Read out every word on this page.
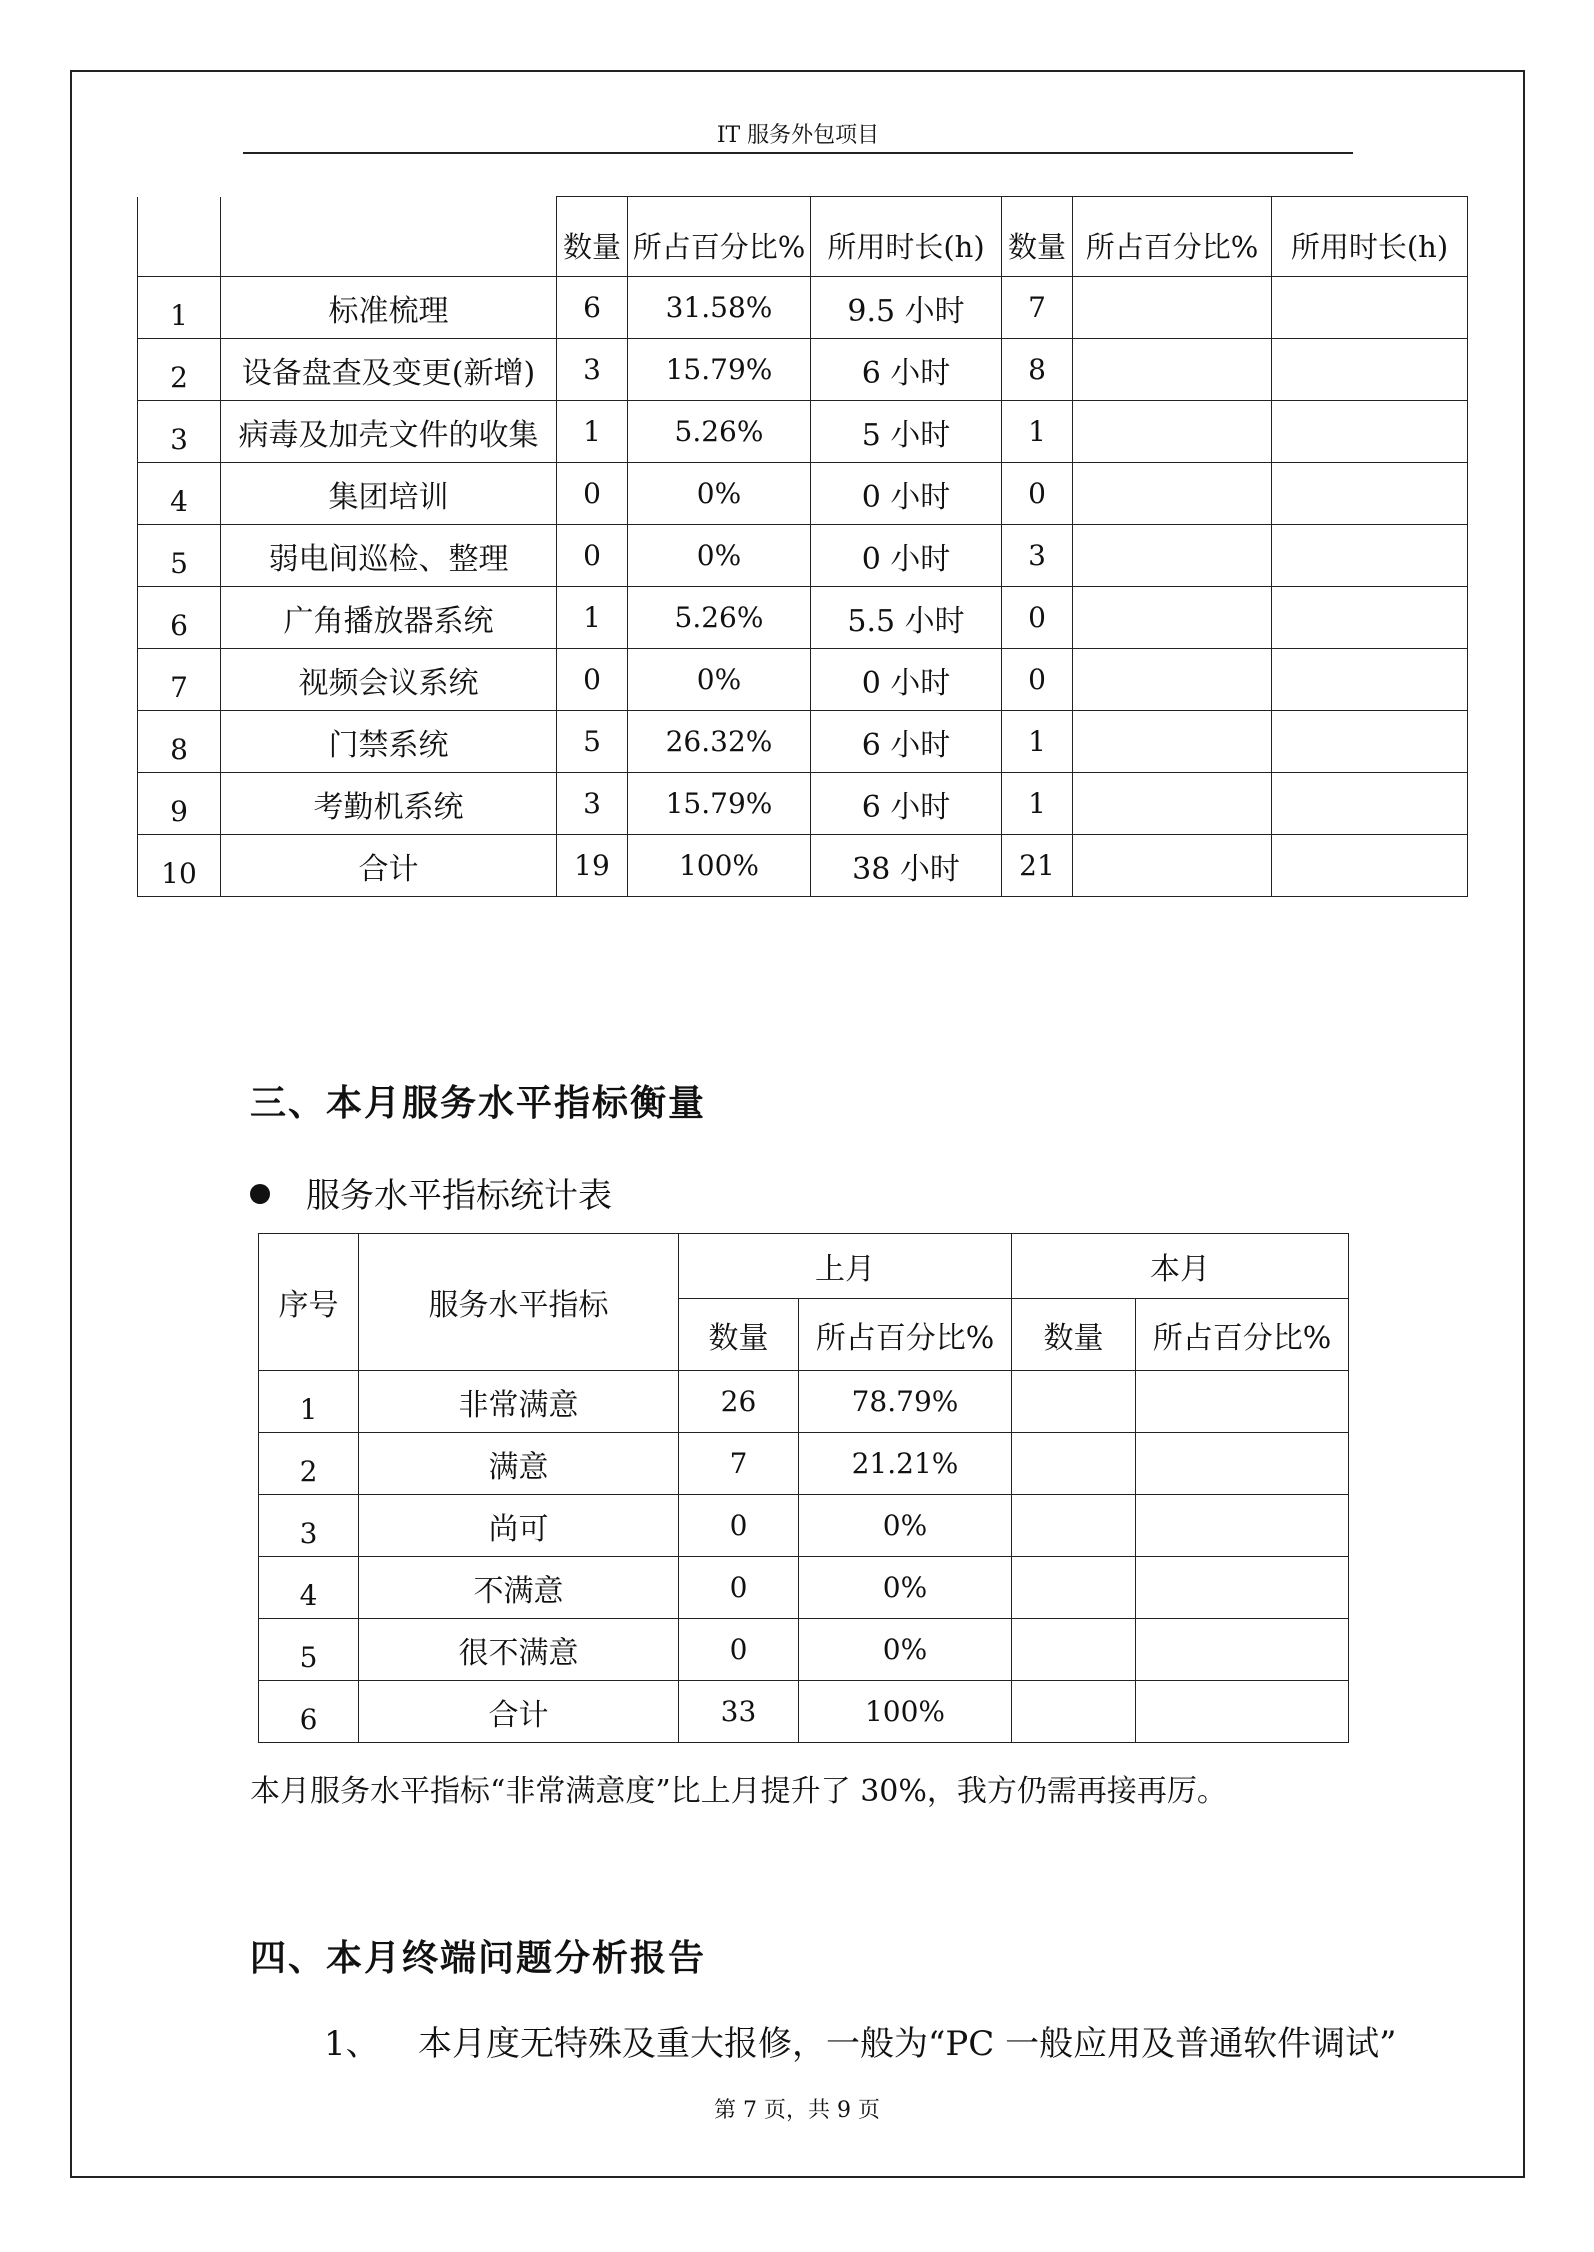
IT 服务外包项目
		数量	所占百分比%	所用时长(h)	数量	所占百分比%	所用时长(h)
1	标准梳理	6	31.58%	9.5 小时	7		
2	设备盘查及变更(新增)	3	15.79%	6 小时	8		
3	病毒及加壳文件的收集	1	5.26%	5 小时	1		
4	集团培训	0	0%	0 小时	0		
5	弱电间巡检、整理	0	0%	0 小时	3		
6	广角播放器系统	1	5.26%	5.5 小时	0		
7	视频会议系统	0	0%	0 小时	0		
8	门禁系统	5	26.32%	6 小时	1		
9	考勤机系统	3	15.79%	6 小时	1		
10	合计	19	100%	38 小时	21		
三、本月服务水平指标衡量
服务水平指标统计表
序号	服务水平指标	上月		本月	
		数量	所占百分比%	数量	所占百分比%
1	非常满意	26	78.79%		
2	满意	7	21.21%		
3	尚可	0	0%		
4	不满意	0	0%		
5	很不满意	0	0%		
6	合计	33	100%		
本月服务水平指标“非常满意度”比上月提升了 30%，我方仍需再接再厉。
四、本月终端问题分析报告
1、 本月度无特殊及重大报修，一般为“PC 一般应用及普通软件调试”
第 7 页，共 9 页
